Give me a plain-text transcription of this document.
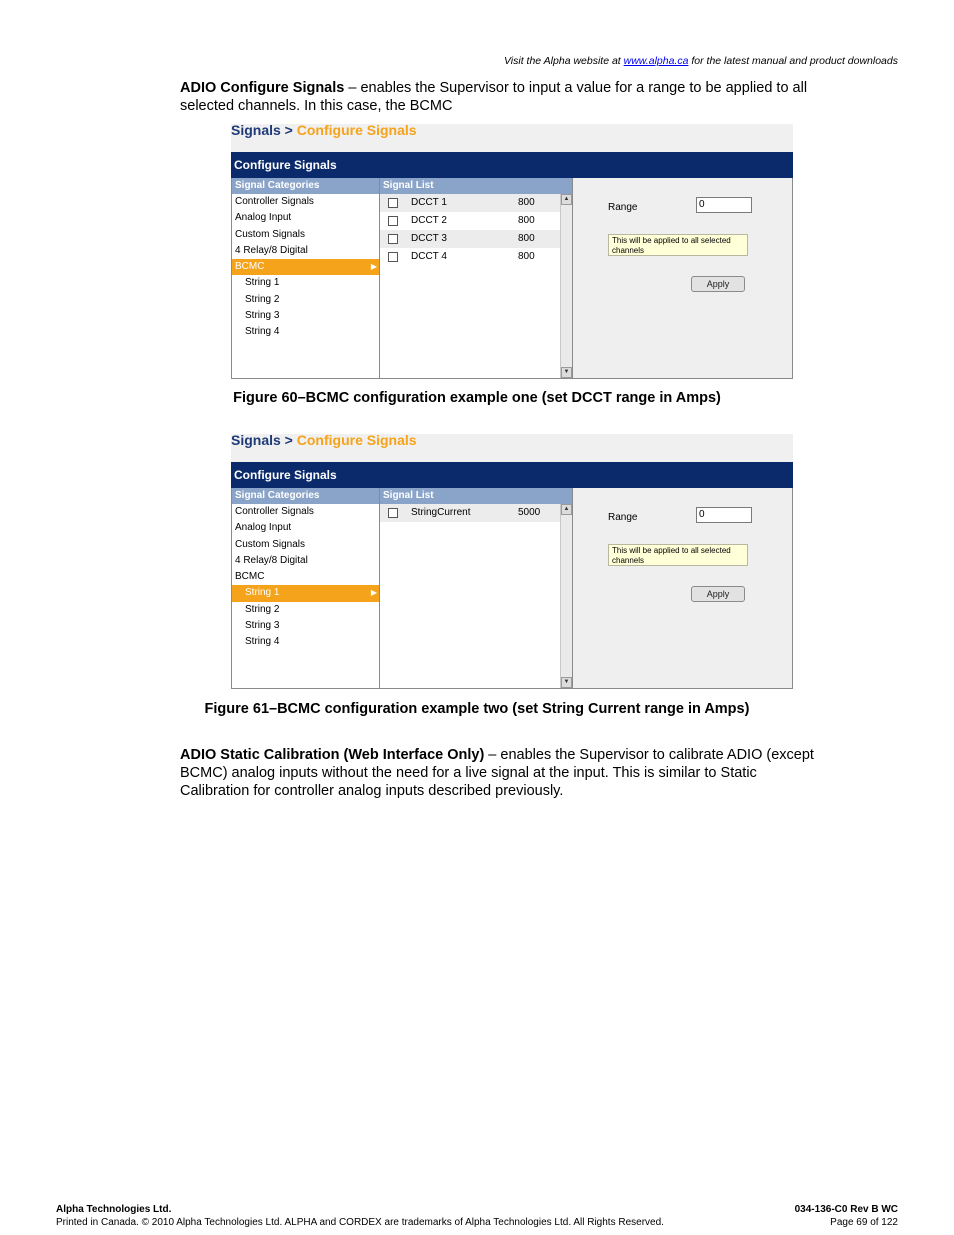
Visit the Alpha website at www.alpha.ca for the latest manual and product downloads
ADIO Configure Signals – enables the Supervisor to input a value for a range to be applied to all selected channels. In this case, the BCMC
Signals > Configure Signals
Configure Signals
Signal Categories
Controller Signals
Analog Input
Custom Signals
4 Relay/8 Digital
BCMC	▶
String 1
String 2
String 3
String 4
Signal List
DCCT 1	800
DCCT 2	800
DCCT 3	800
DCCT 4	800
▲
▼
Range
0
This will be applied to all selected channels
Apply
Figure 60–BCMC configuration example one (set DCCT range in Amps)
Signals > Configure Signals
Configure Signals
Signal Categories
Controller Signals
Analog Input
Custom Signals
4 Relay/8 Digital
BCMC
String 1	▶
String 2
String 3
String 4
Signal List
StringCurrent	5000	▲
▼
Range
0
This will be applied to all selected channels
Apply
Figure 61–BCMC configuration example two (set String Current range in Amps)
ADIO Static Calibration (Web Interface Only) – enables the Supervisor to calibrate ADIO (except BCMC) analog inputs without the need for a live signal at the input. This is similar to Static Calibration for controller analog inputs described previously.
Alpha Technologies Ltd.	034-136-C0 Rev B WC
Printed in Canada. © 2010 Alpha Technologies Ltd. ALPHA and CORDEX are trademarks of Alpha Technologies Ltd. All Rights Reserved.	Page 69 of 122
